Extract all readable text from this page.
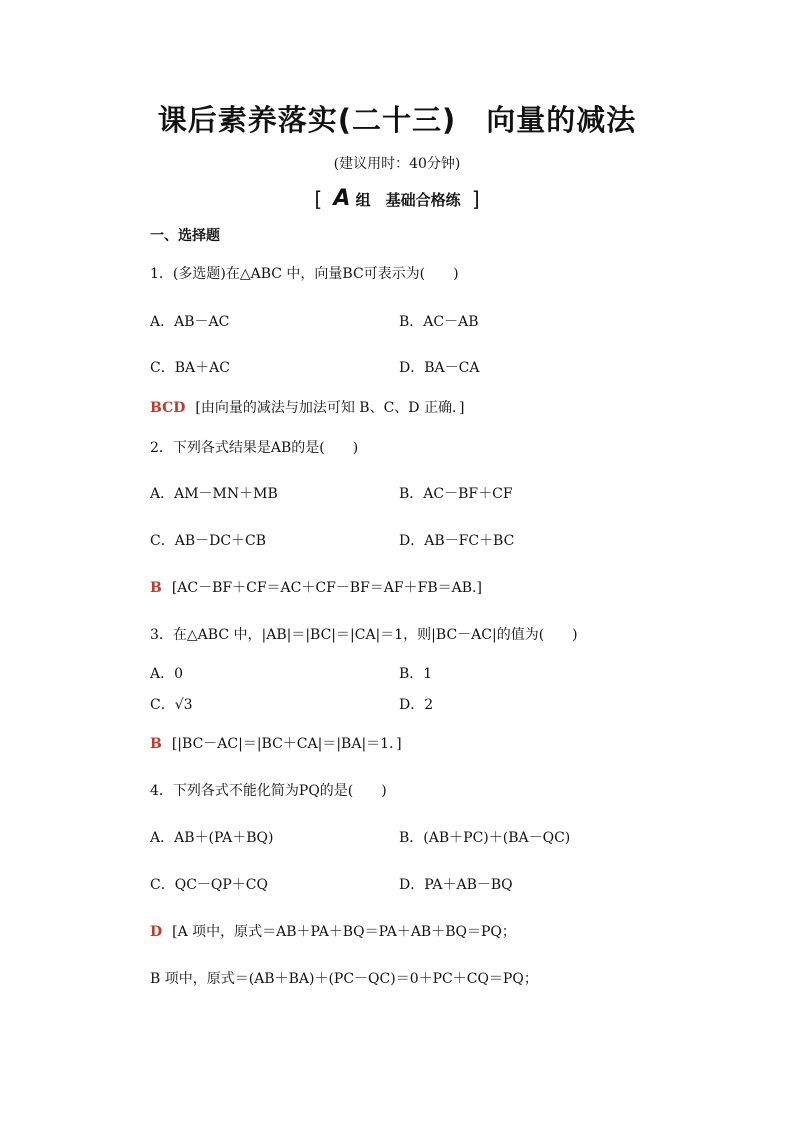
课后素养落实(二十三)　向量的减法
(建议用时：40分钟)
[ A 组　基础合格练 ]
一、选择题
1．(多选题)在△ABC 中，向量BC可表示为(　　)
A．AB－AC	B．AC－AB
C．BA＋AC	D．BA－CA
BCD [由向量的减法与加法可知 B、C、D 正确．]
2．下列各式结果是AB的是(　　)
A．AM－MN＋MB	B．AC－BF＋CF
C．AB－DC＋CB	D．AB－FC＋BC
B [AC－BF＋CF＝AC＋CF－BF＝AF＋FB＝AB.]
3．在△ABC 中，|AB|＝|BC|＝|CA|＝1，则|BC－AC|的值为(　　)
A．0	B．1
C．√3	D．2
B [|BC－AC|＝|BC＋CA|＝|BA|＝1．]
4．下列各式不能化简为PQ的是(　　)
A．AB＋(PA＋BQ)	B．(AB＋PC)＋(BA－QC)
C．QC－QP＋CQ	D．PA＋AB－BQ
D [A 项中，原式＝AB＋PA＋BQ＝PA＋AB＋BQ＝PQ；
B 项中，原式＝(AB＋BA)＋(PC－QC)＝0＋PC＋CQ＝PQ；
